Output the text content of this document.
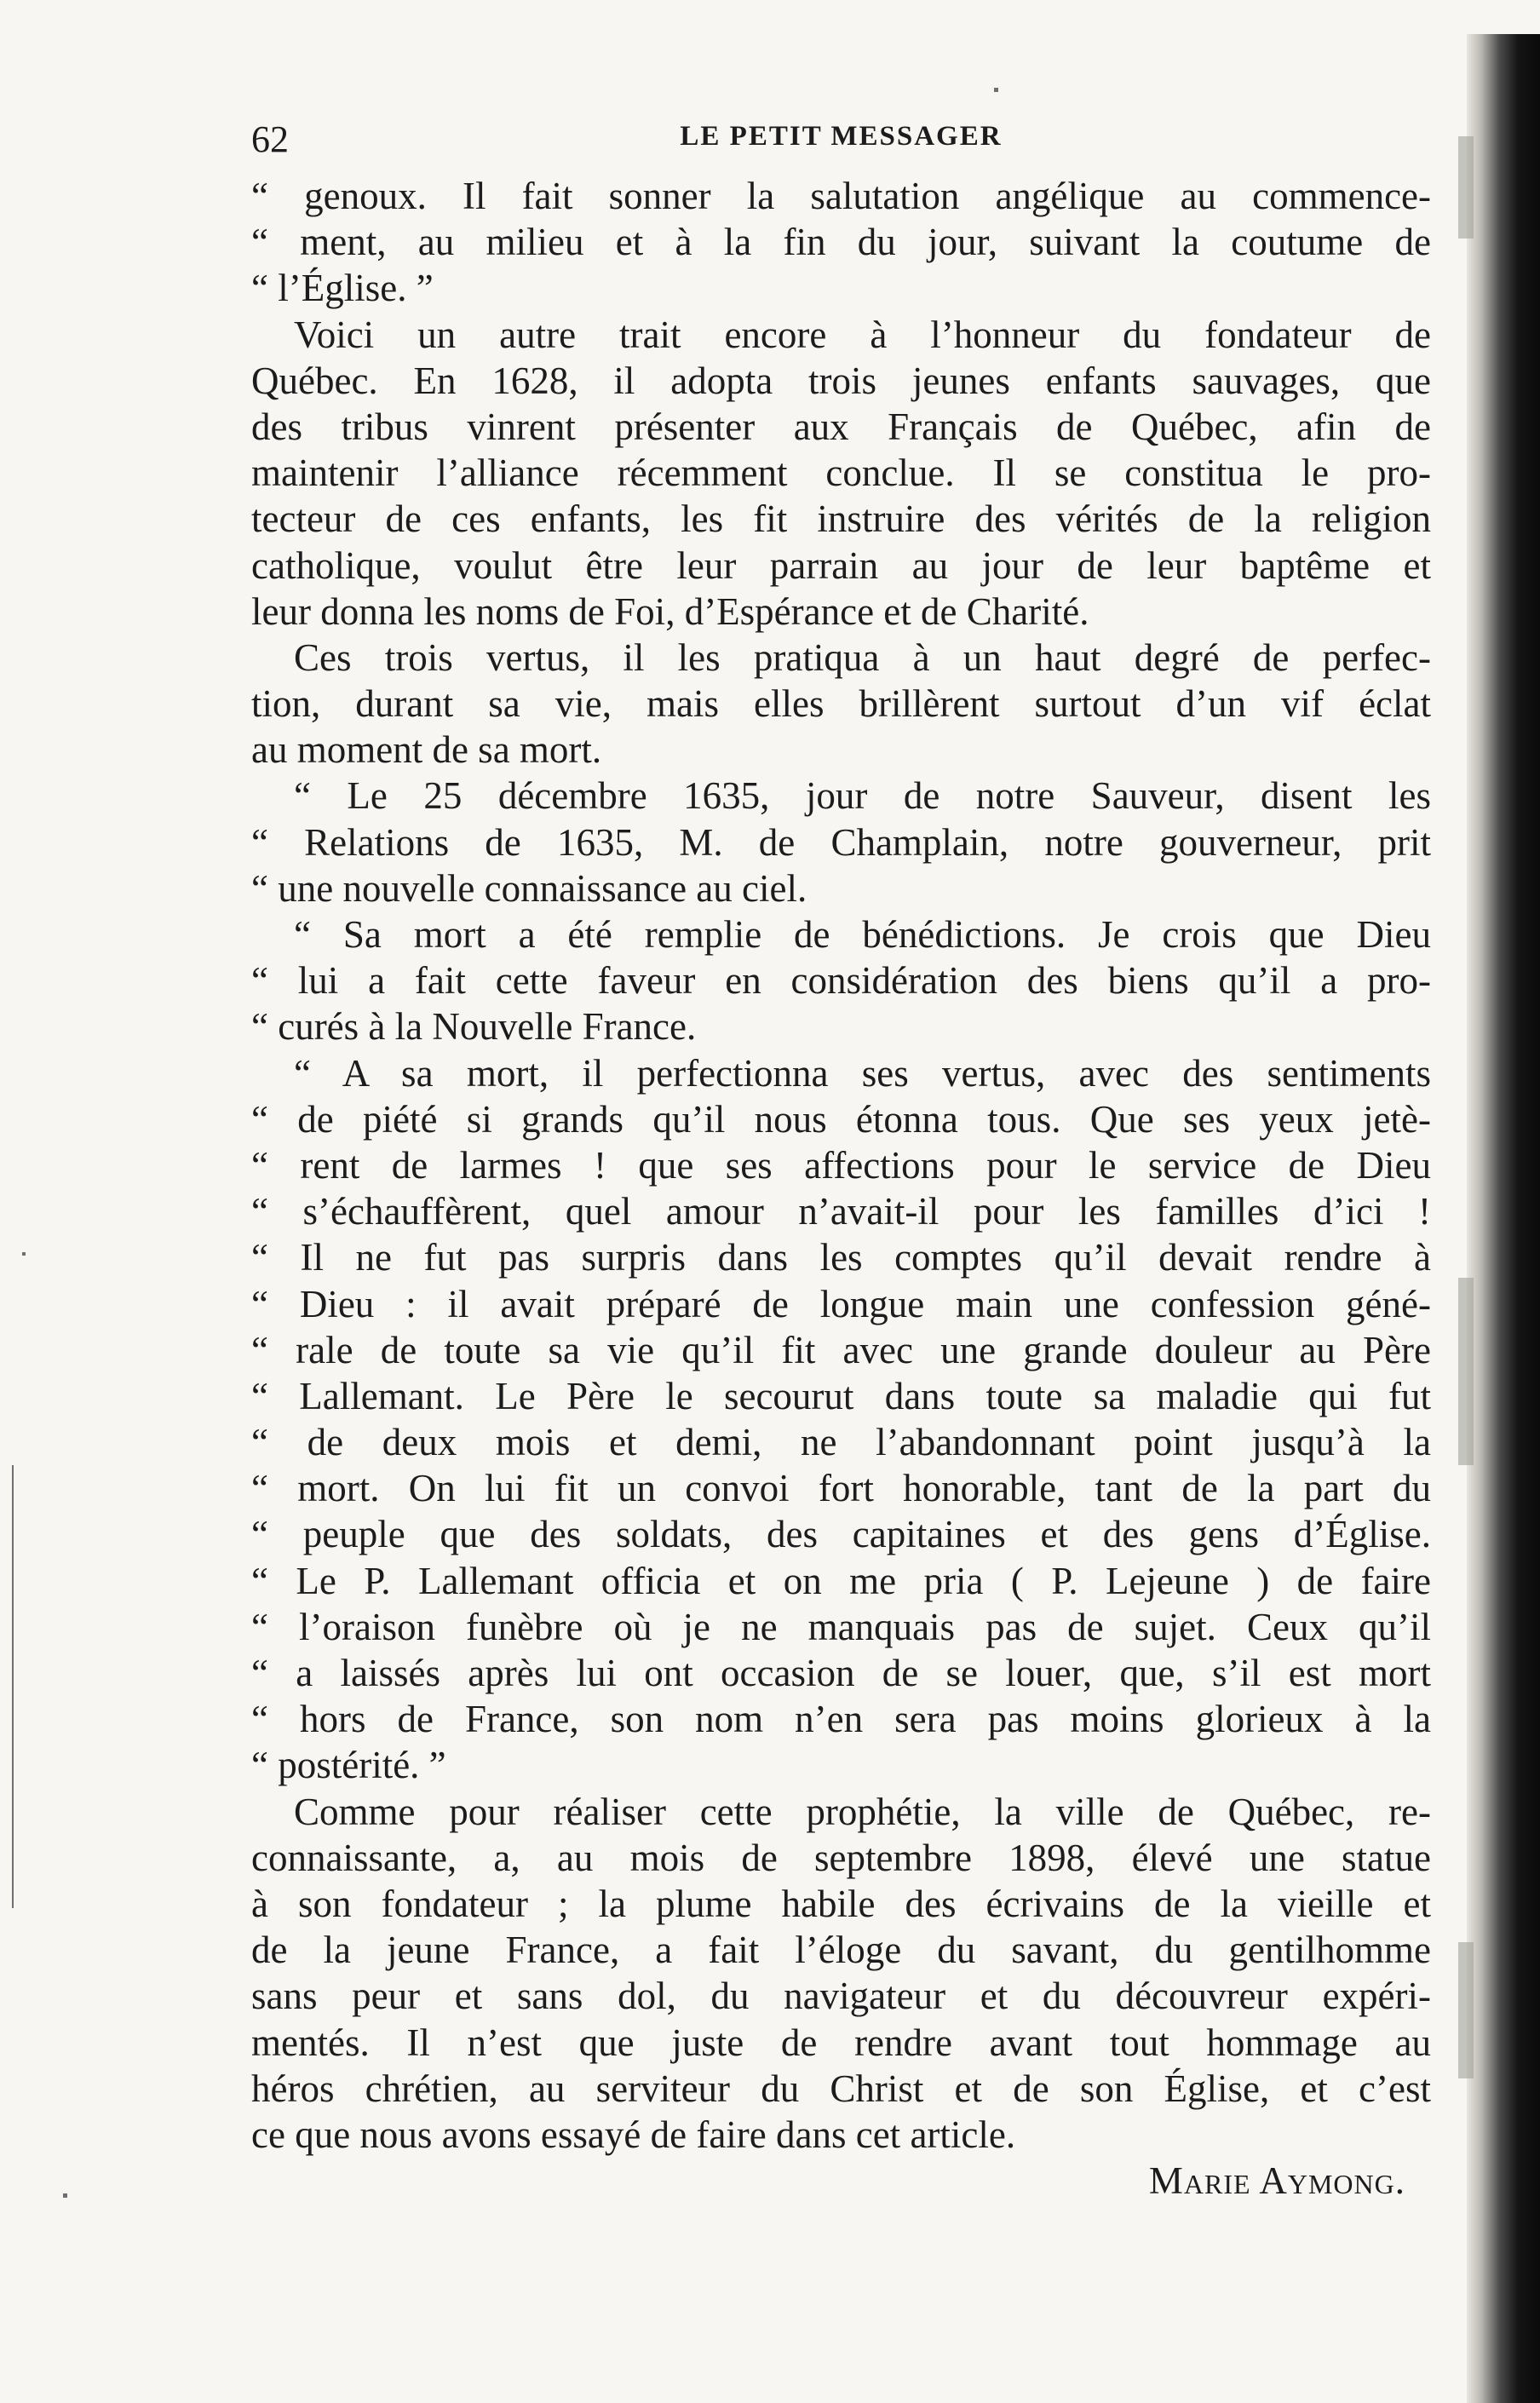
62	LE PETIT MESSAGER
“ genoux. Il fait sonner la salutation angélique au commence-
“ ment, au milieu et à la fin du jour, suivant la coutume de
“ l’Église. ”
Voici un autre trait encore à l’honneur du fondateur de
Québec. En 1628, il adopta trois jeunes enfants sauvages, que
des tribus vinrent présenter aux Français de Québec, afin de
maintenir l’alliance récemment conclue. Il se constitua le pro-
tecteur de ces enfants, les fit instruire des vérités de la religion
catholique, voulut être leur parrain au jour de leur baptême et
leur donna les noms de Foi, d’Espérance et de Charité.
Ces trois vertus, il les pratiqua à un haut degré de perfec-
tion, durant sa vie, mais elles brillèrent surtout d’un vif éclat
au moment de sa mort.
“ Le 25 décembre 1635, jour de notre Sauveur, disent les
“ Relations de 1635, M. de Champlain, notre gouverneur, prit
“ une nouvelle connaissance au ciel.
“ Sa mort a été remplie de bénédictions. Je crois que Dieu
“ lui a fait cette faveur en considération des biens qu’il a pro-
“ curés à la Nouvelle France.
“ A sa mort, il perfectionna ses vertus, avec des sentiments
“ de piété si grands qu’il nous étonna tous. Que ses yeux jetè-
“ rent de larmes ! que ses affections pour le service de Dieu
“ s’échauffèrent, quel amour n’avait-il pour les familles d’ici !
“ Il ne fut pas surpris dans les comptes qu’il devait rendre à
“ Dieu : il avait préparé de longue main une confession géné-
“ rale de toute sa vie qu’il fit avec une grande douleur au Père
“ Lallemant. Le Père le secourut dans toute sa maladie qui fut
“ de deux mois et demi, ne l’abandonnant point jusqu’à la
“ mort. On lui fit un convoi fort honorable, tant de la part du
“ peuple que des soldats, des capitaines et des gens d’Église.
“ Le P. Lallemant officia et on me pria ( P. Lejeune ) de faire
“ l’oraison funèbre où je ne manquais pas de sujet. Ceux qu’il
“ a laissés après lui ont occasion de se louer, que, s’il est mort
“ hors de France, son nom n’en sera pas moins glorieux à la
“ postérité. ”
Comme pour réaliser cette prophétie, la ville de Québec, re-
connaissante, a, au mois de septembre 1898, élevé une statue
à son fondateur ; la plume habile des écrivains de la vieille et
de la jeune France, a fait l’éloge du savant, du gentilhomme
sans peur et sans dol, du navigateur et du découvreur expéri-
mentés. Il n’est que juste de rendre avant tout hommage au
héros chrétien, au serviteur du Christ et de son Église, et c’est
ce que nous avons essayé de faire dans cet article.
Marie Aymong.
